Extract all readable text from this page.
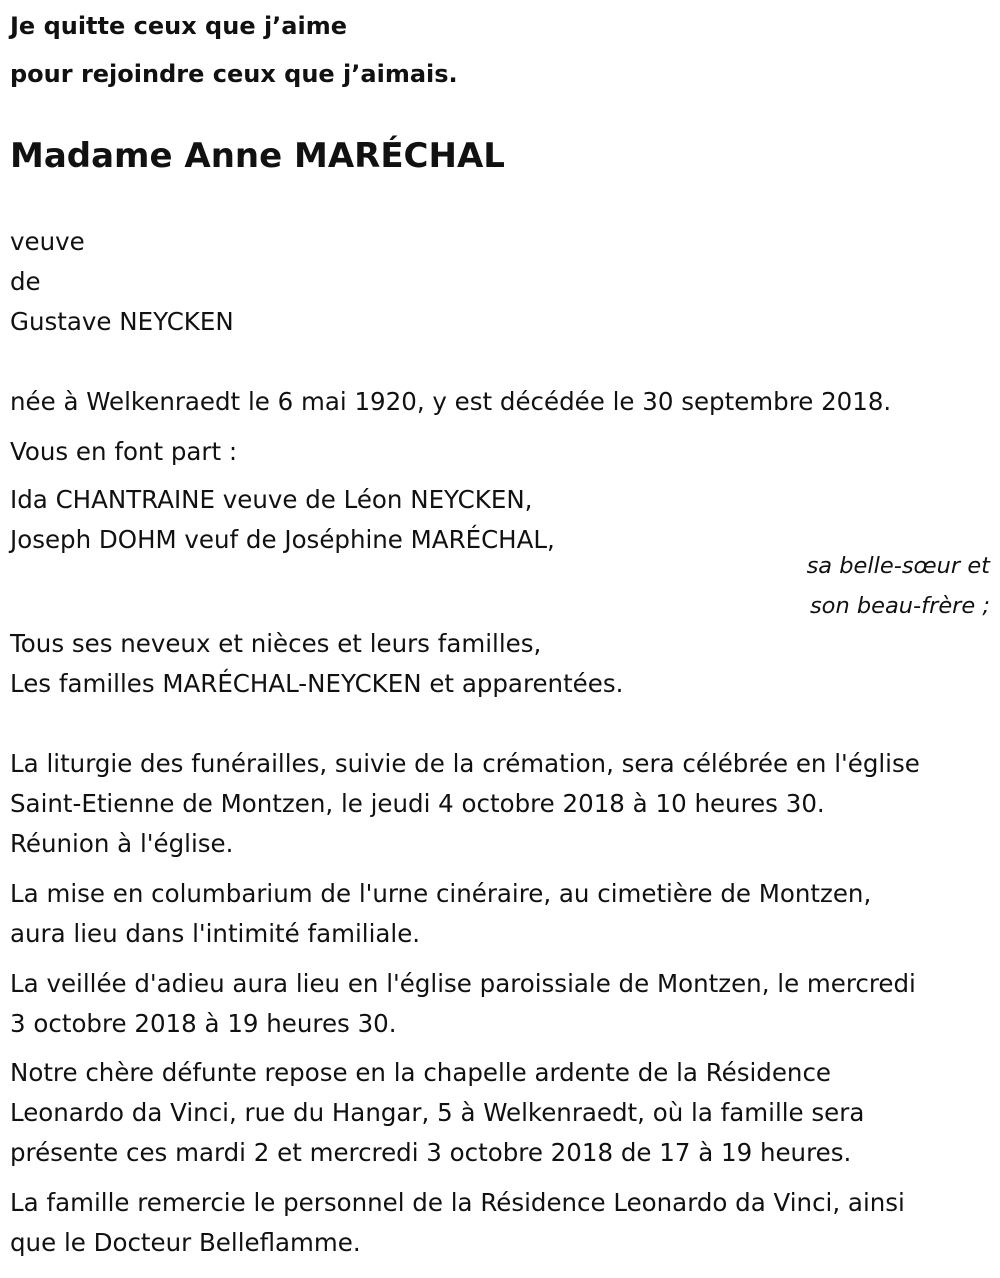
Je quitte ceux que j’aime
pour rejoindre ceux que j’aimais.
Madame Anne MARÉCHAL
veuve
de
Gustave NEYCKEN
née à Welkenraedt le 6 mai 1920, y est décédée le 30 septembre 2018.
Vous en font part :
Ida CHANTRAINE veuve de Léon NEYCKEN,
Joseph DOHM veuf de Joséphine MARÉCHAL,
sa belle-sœur et
son beau-frère ;
Tous ses neveux et nièces et leurs familles,
Les familles MARÉCHAL-NEYCKEN et apparentées.
La liturgie des funérailles, suivie de la crémation, sera célébrée en l'église
Saint-Etienne de Montzen, le jeudi 4 octobre 2018 à 10 heures 30.
Réunion à l'église.
La mise en columbarium de l'urne cinéraire, au cimetière de Montzen,
aura lieu dans l'intimité familiale.
La veillée d'adieu aura lieu en l'église paroissiale de Montzen, le mercredi
3 octobre 2018 à 19 heures 30.
Notre chère défunte repose en la chapelle ardente de la Résidence
Leonardo da Vinci, rue du Hangar, 5 à Welkenraedt, où la famille sera
présente ces mardi 2 et mercredi 3 octobre 2018 de 17 à 19 heures.
La famille remercie le personnel de la Résidence Leonardo da Vinci, ainsi
que le Docteur Belleflamme.
